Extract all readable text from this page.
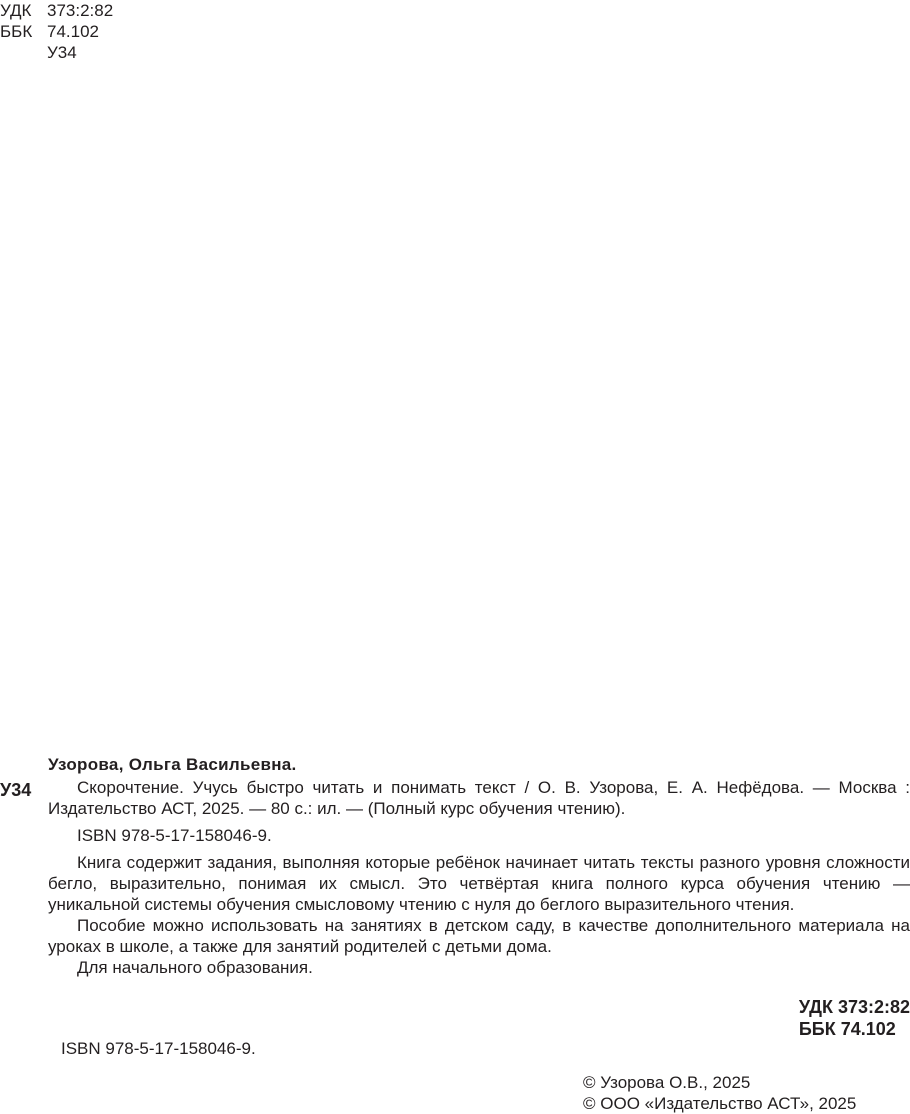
УДК 373:2:82
ББК 74.102
У34
Узорова, Ольга Васильевна.
У34	Скорочтение. Учусь быстро читать и понимать текст / О. В. Узорова, Е. А. Нефёдова. — Москва : Издательство АСТ, 2025. — 80 с.: ил. — (Полный курс обучения чтению).

ISBN 978-5-17-158046-9.

Книга содержит задания, выполняя которые ребёнок начинает читать тексты разного уровня сложности бегло, выразительно, понимая их смысл. Это четвёртая книга полного курса обучения чтению — уникальной системы обучения смысловому чтению с нуля до беглого выразительного чтения.

Пособие можно использовать на занятиях в детском саду, в качестве дополнительного материала на уроках в школе, а также для занятий родителей с детьми дома.

Для начального образования.

УДК 373:2:82
ББК 74.102
ISBN 978-5-17-158046-9.
© Узорова О.В., 2025
© ООО «Издательство АСТ», 2025
